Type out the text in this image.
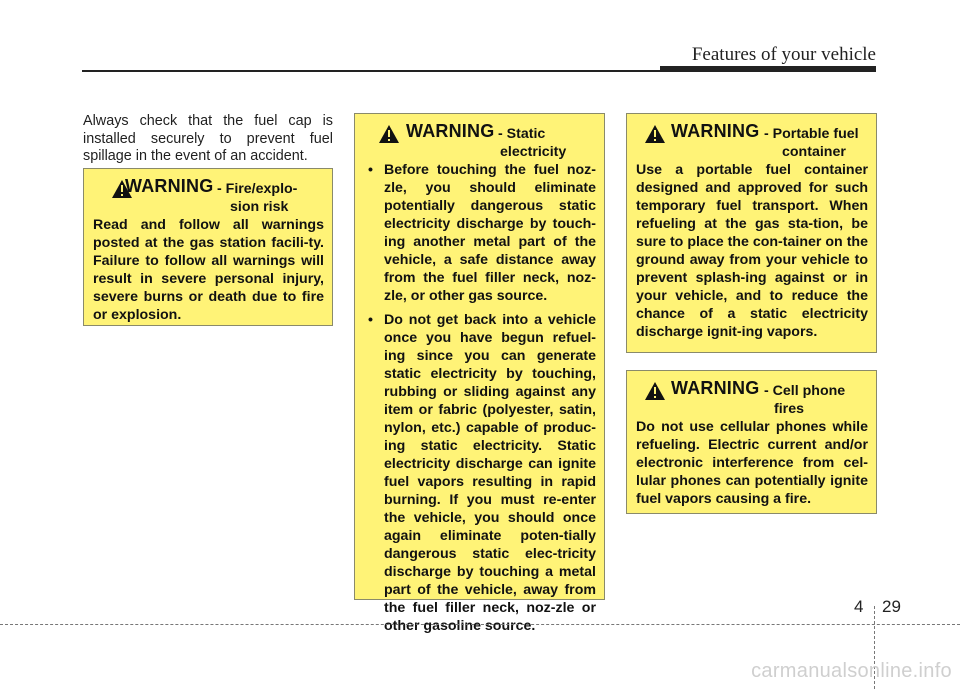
Features of your vehicle
Always check that the fuel cap is installed securely to prevent fuel spillage in the event of an accident.
WARNING - Fire/explo-
sion risk
Read and follow all warnings posted at the gas station facili-ty. Failure to follow all warnings will result in severe personal injury, severe burns or death due to fire or explosion.
WARNING - Static
electricity
• Before touching the fuel noz-zle, you should eliminate potentially dangerous static electricity discharge by touch-ing another metal part of the vehicle, a safe distance away from the fuel filler neck, noz-zle, or other gas source.
• Do not get back into a vehicle once you have begun refuel-ing since you can generate static electricity by touching, rubbing or sliding against any item or fabric (polyester, satin, nylon, etc.) capable of produc-ing static electricity. Static electricity discharge can ignite fuel vapors resulting in rapid burning. If you must re-enter the vehicle, you should once again eliminate poten-tially dangerous static elec-tricity discharge by touching a metal part of the vehicle, away from the fuel filler neck, noz-zle or other gasoline source.
WARNING - Portable fuel
container
Use a portable fuel container designed and approved for such temporary fuel transport. When refueling at the gas sta-tion, be sure to place the con-tainer on the ground away from your vehicle to prevent splash-ing against or in your vehicle, and to reduce the chance of a static electricity discharge ignit-ing vapors.
WARNING - Cell phone
fires
Do not use cellular phones while refueling. Electric current and/or electronic interference from cel-lular phones can potentially ignite fuel vapors causing a fire.
4 29
carmanualsonline.info
